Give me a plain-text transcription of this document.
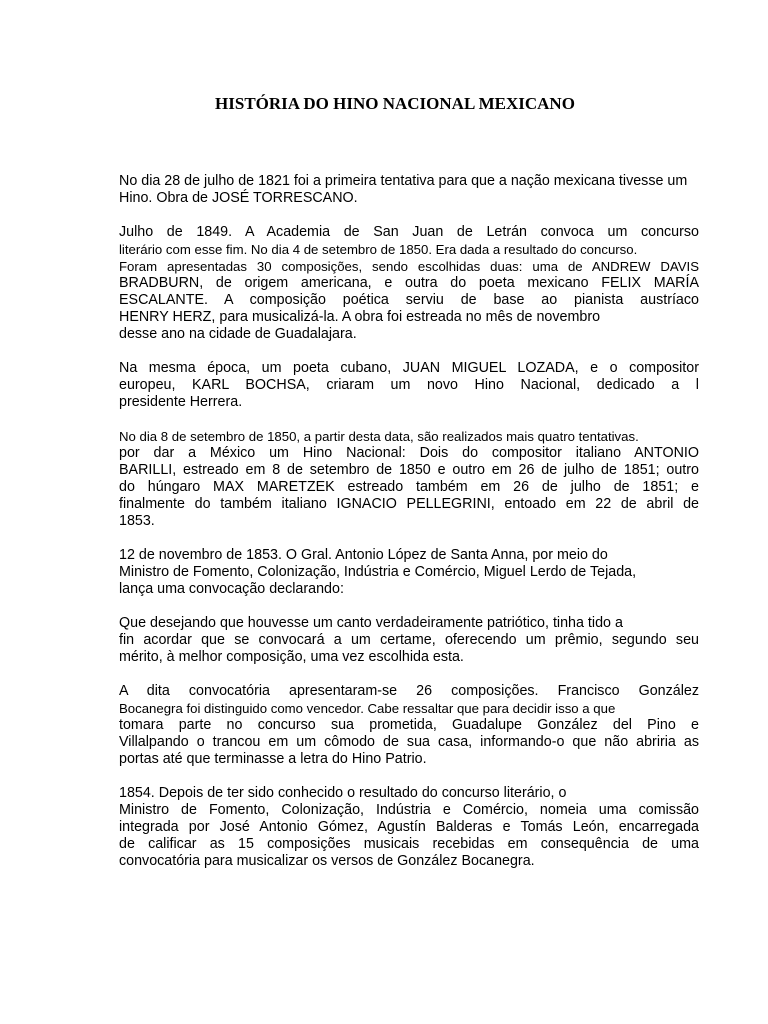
HISTÓRIA DO HINO NACIONAL MEXICANO

No dia 28 de julho de 1821 foi a primeira tentativa para que a nação mexicana tivesse um
Hino. Obra de JOSÉ TORRESCANO.

Julho de 1849. A Academia de San Juan de Letrán convoca um concurso
literário com esse fim. No dia 4 de setembro de 1850. Era dada a resultado do concurso.
Foram apresentadas 30 composições, sendo escolhidas duas: uma de ANDREW DAVIS
BRADBURN, de origem americana, e outra do poeta mexicano FELIX MARÍA
ESCALANTE. A composição poética serviu de base ao pianista austríaco
HENRY HERZ, para musicalizá-la. A obra foi estreada no mês de novembro
desse ano na cidade de Guadalajara.

Na mesma época, um poeta cubano, JUAN MIGUEL LOZADA, e o compositor
europeu, KARL BOCHSA, criaram um novo Hino Nacional, dedicado a l
presidente Herrera.

No dia 8 de setembro de 1850, a partir desta data, são realizados mais quatro tentativas.
por dar a México um Hino Nacional: Dois do compositor italiano ANTONIO
BARILLI, estreado em 8 de setembro de 1850 e outro em 26 de julho de 1851; outro
do húngaro MAX MARETZEK estreado também em 26 de julho de 1851; e
finalmente do também italiano IGNACIO PELLEGRINI, entoado em 22 de abril de
1853.

12 de novembro de 1853. O Gral. Antonio López de Santa Anna, por meio do
Ministro de Fomento, Colonização, Indústria e Comércio, Miguel Lerdo de Tejada,
lança uma convocação declarando:

Que desejando que houvesse um canto verdadeiramente patriótico, tinha tido a
fin acordar que se convocará a um certame, oferecendo um prêmio, segundo seu
mérito, à melhor composição, uma vez escolhida esta.

A dita convocatória apresentaram-se 26 composições. Francisco González
Bocanegra foi distinguido como vencedor. Cabe ressaltar que para decidir isso a que
tomara parte no concurso sua prometida, Guadalupe González del Pino e
Villalpando o trancou em um cômodo de sua casa, informando-o que não abriria as
portas até que terminasse a letra do Hino Patrio.

1854. Depois de ter sido conhecido o resultado do concurso literário, o
Ministro de Fomento, Colonização, Indústria e Comércio, nomeia uma comissão
integrada por José Antonio Gómez, Agustín Balderas e Tomás León, encarregada
de calificar as 15 composições musicais recebidas em consequência de uma
convocatória para musicalizar os versos de González Bocanegra.
